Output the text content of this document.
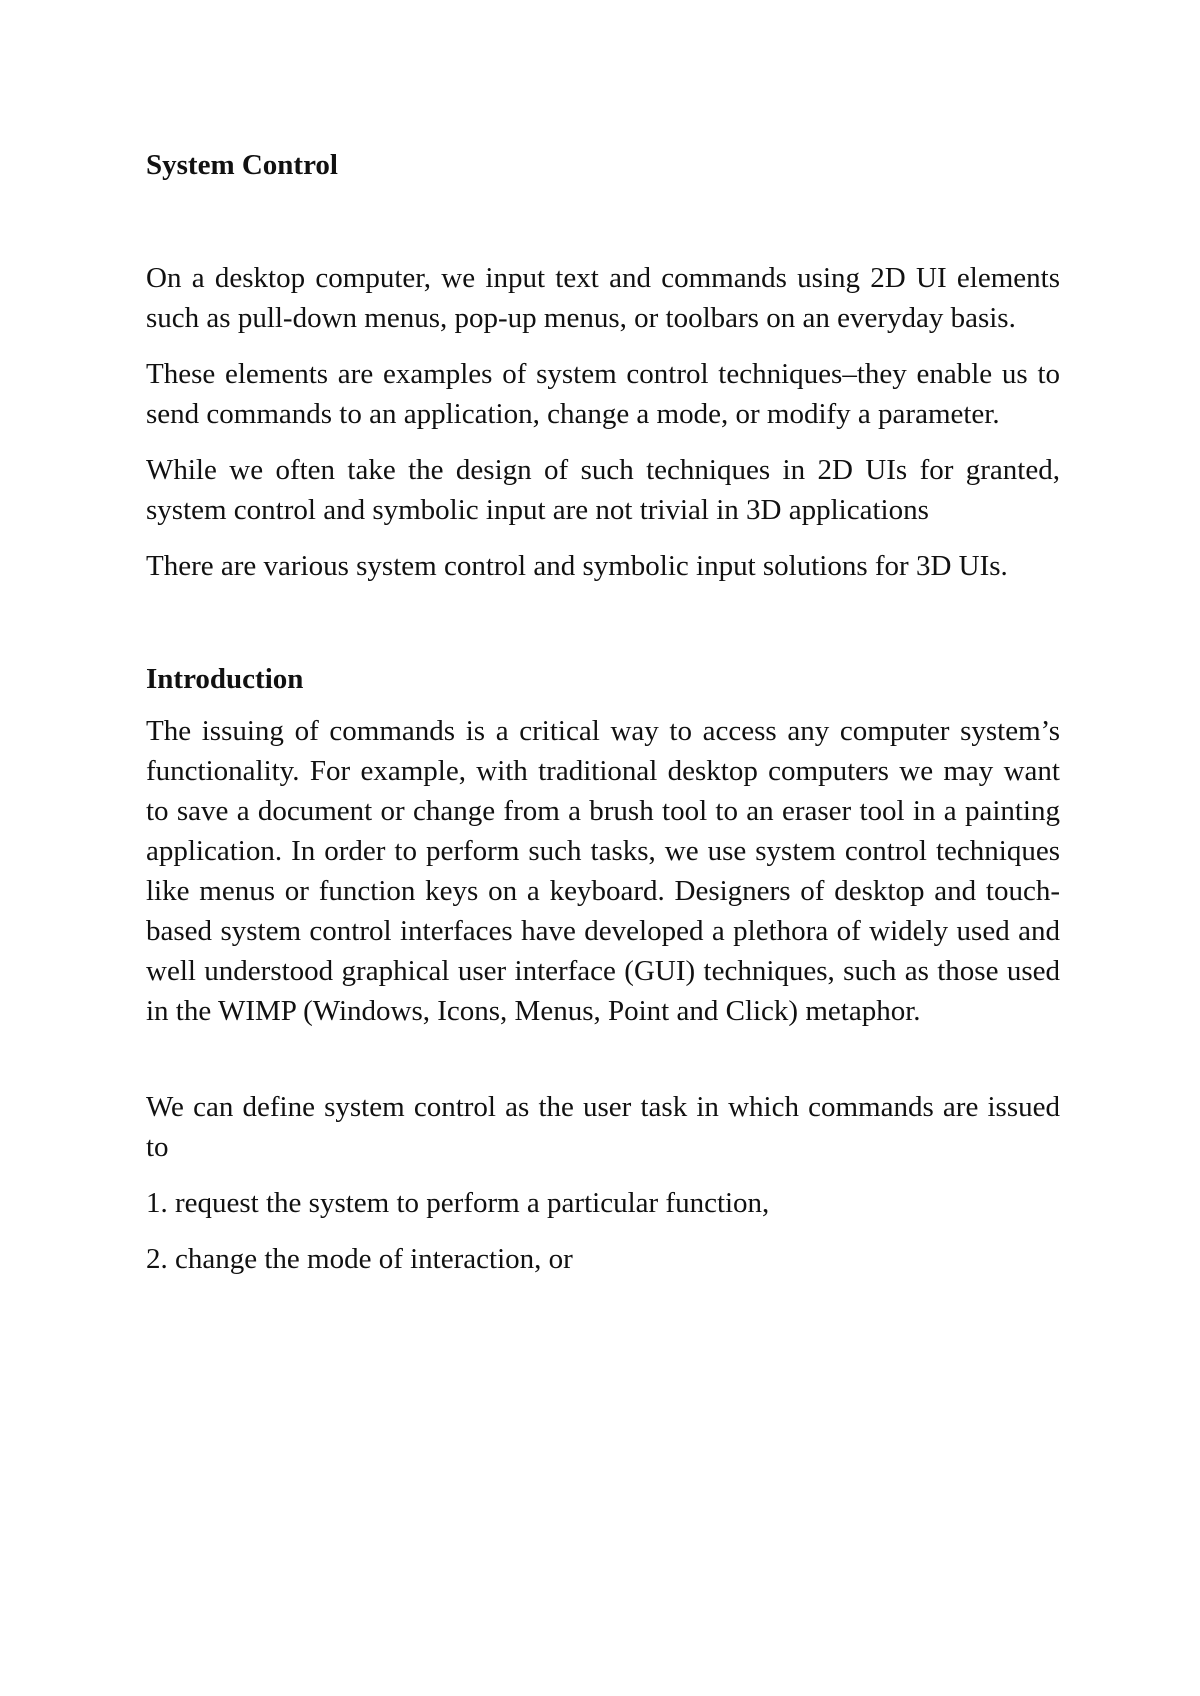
System Control

On a desktop computer, we input text and commands using 2D UI elements such as pull-down menus, pop-up menus, or toolbars on an everyday basis.

These elements are examples of system control techniques–they enable us to send commands to an application, change a mode, or modify a parameter.

While we often take the design of such techniques in 2D UIs for granted, system control and symbolic input are not trivial in 3D applications

There are various system control and symbolic input solutions for 3D UIs.

Introduction

The issuing of commands is a critical way to access any computer system’s functionality. For example, with traditional desktop computers we may want to save a document or change from a brush tool to an eraser tool in a painting application. In order to perform such tasks, we use system control techniques like menus or function keys on a keyboard. Designers of desktop and touch-based system control interfaces have developed a plethora of widely used and well understood graphical user interface (GUI) techniques, such as those used in the WIMP (Windows, Icons, Menus, Point and Click) metaphor.

We can define system control as the user task in which commands are issued to

1. request the system to perform a particular function,

2. change the mode of interaction, or
